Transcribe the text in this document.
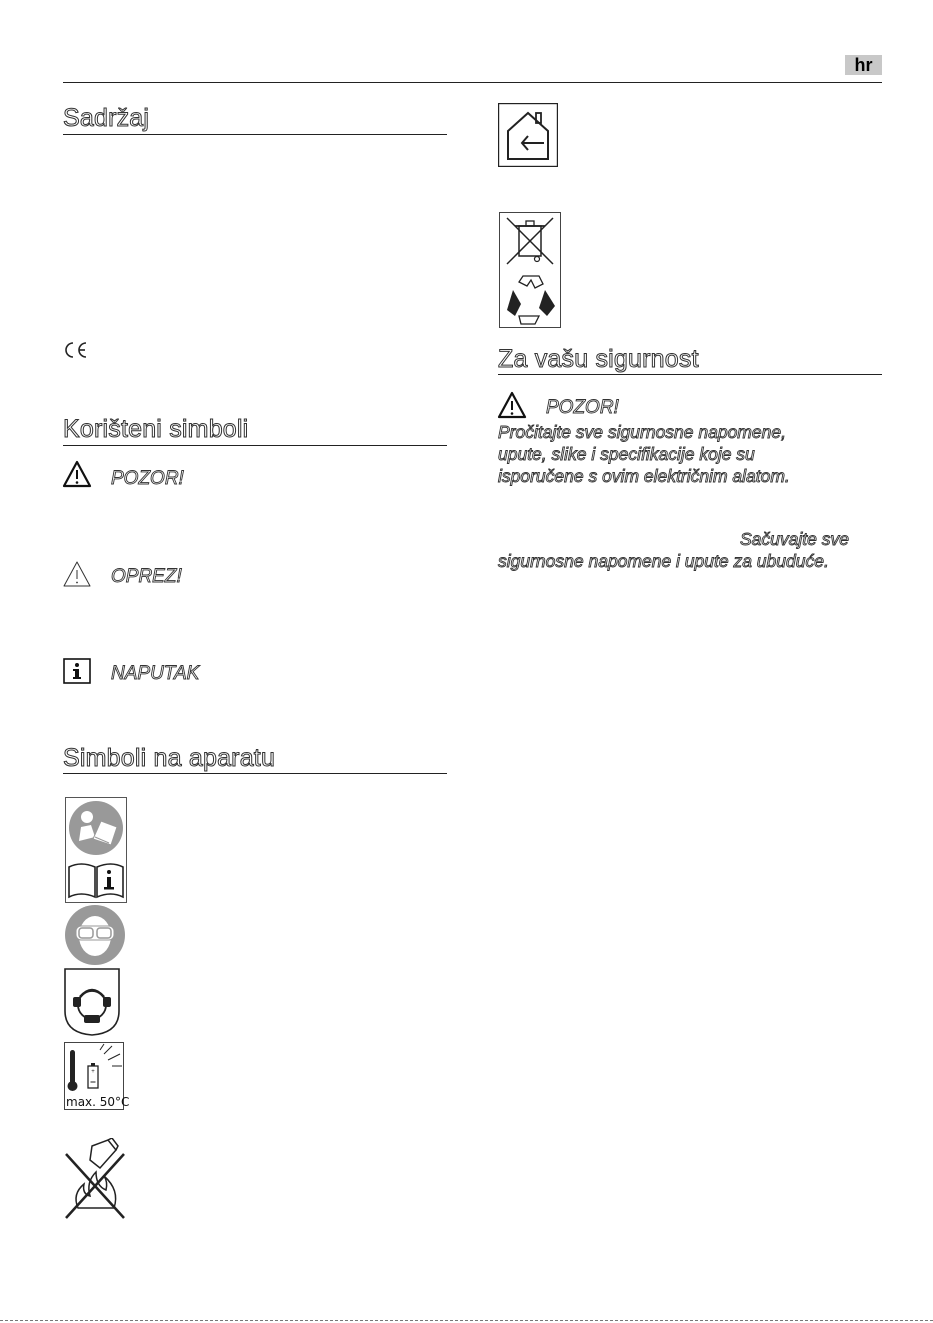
hr
Sadržaj
Korišteni simboli
POZOR!
OPREZ!
NAPUTAK
Simboli na aparatu
+
max. 50°C
Za vašu sigurnost
POZOR!
Pročitajte sve sigurnosne napomene,
upute, slike i specifikacije koje su
isporučene s ovim električnim alatom.
Sačuvajte sve
sigurnosne napomene i upute za ubuduće.
